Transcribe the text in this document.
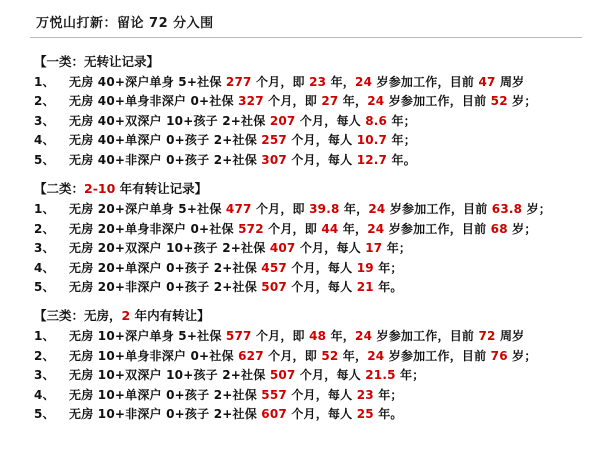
万悦山打新：留论 72 分入围
【一类：无转让记录】
1、 无房 40+深户单身 5+社保 277 个月，即 23 年，24 岁参加工作，目前 47 周岁
2、 无房 40+单身非深户 0+社保 327 个月，即 27 年，24 岁参加工作，目前 52 岁；
3、 无房 40+双深户 10+孩子 2+社保 207 个月，每人 8.6 年；
4、 无房 40+单深户 0+孩子 2+社保 257 个月，每人 10.7 年；
5、 无房 40+非深户 0+孩子 2+社保 307 个月，每人 12.7 年。
【二类：2-10 年有转让记录】
1、 无房 20+深户单身 5+社保 477 个月，即 39.8 年，24 岁参加工作，目前 63.8 岁；
2、 无房 20+单身非深户 0+社保 572 个月，即 44 年，24 岁参加工作，目前 68 岁；
3、 无房 20+双深户 10+孩子 2+社保 407 个月，每人 17 年；
4、 无房 20+单深户 0+孩子 2+社保 457 个月，每人 19 年；
5、 无房 20+非深户 0+孩子 2+社保 507 个月，每人 21 年。
【三类：无房，2 年内有转让】
1、 无房 10+深户单身 5+社保 577 个月，即 48 年，24 岁参加工作，目前 72 周岁
2、 无房 10+单身非深户 0+社保 627 个月，即 52 年，24 岁参加工作，目前 76 岁；
3、 无房 10+双深户 10+孩子 2+社保 507 个月，每人 21.5 年；
4、 无房 10+单深户 0+孩子 2+社保 557 个月，每人 23 年；
5、 无房 10+非深户 0+孩子 2+社保 607 个月，每人 25 年。
